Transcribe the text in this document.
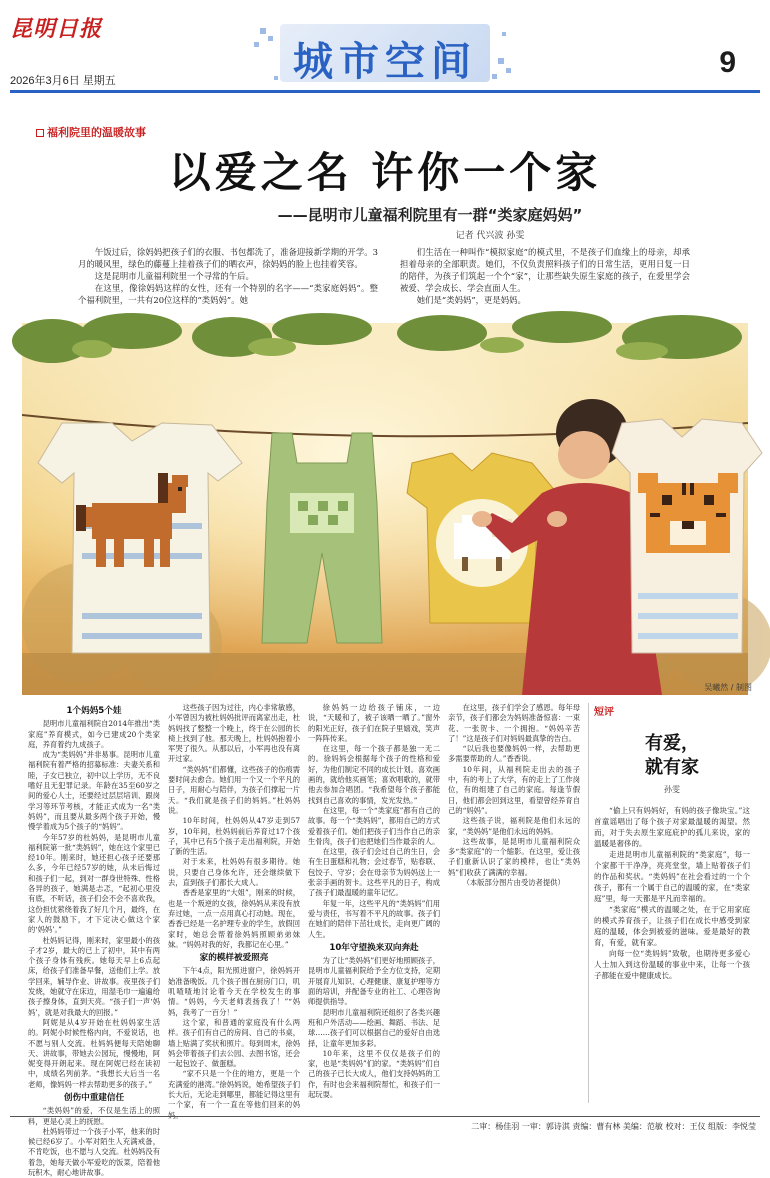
昆明日报
2026年3月6日 星期五	城市空间	9
福利院里的温暖故事
以爱之名 许你一个家
——昆明市儿童福利院里有一群“类家庭妈妈”
记者 代兴波 孙雯

午饭过后，徐妈妈把孩子们的衣服、书包都洗了，准备迎接新学期的开学。3月的暖风里，绿色的藤蔓上挂着孩子们的晒衣声，徐妈妈的脸上也挂着笑容。

这是昆明市儿童福利院里一个寻常的午后。

在这里，像徐妈妈这样的女性，还有一个特别的名字——“类家庭妈妈”。整个福利院里，一共有20位这样的“类妈妈”。她

们生活在一种叫作“模拟家庭”的模式里，不是孩子们血缘上的母亲，却承担着母亲的全部职责。她们，不仅负责照料孩子们的日常生活，更用日复一日的陪伴，为孩子们筑起一个个“家”，让那些缺失原生家庭的孩子，在爱里学会被爱、学会成长、学会直面人生。

她们是“类妈妈”，更是妈妈。

吴曦然 / 制图
1个妈妈5个娃

昆明市儿童福利院自2014年推出“类家庭”养育模式，如今已建成20个类家庭，养育着约九成孩子。

成为“类妈妈”并非易事。昆明市儿童福利院有着严格的招募标准：夫妻关系和睦，子女已独立，初中以上学历，无不良嗜好且无犯罪记录。年龄在35至60岁之间的爱心人士，还要经过层层培训、跟岗学习等环节考核，才能正式成为一名“类妈妈”，而且要从最多两个孩子开始，慢慢学着成为5个孩子的“妈妈”。

今年57岁的杜妈妈，是昆明市儿童福利院第一批“类妈妈”，她在这个家里已经10年。刚来时，她还担心孩子还要那么多，今年已经57岁的她，从未后悔过和孩子们一起，到对一群身世特殊、性格各异的孩子，她满是忐忑，“起初心里没有底，不听话，孩子们会不会不喜欢我，这份担忧萦绕着我了好几个月，最终，在家人的鼓励下，才下定决心做这个家的‘妈妈’。”

杜妈妈记得，刚来时，家里最小的孩子才2岁，最大的已上了初中，其中有两个孩子身体有残疾。她每天早上6点起床，给孩子们准备早餐，送他们上学。放学回来，辅导作业、讲故事。夜里孩子们发烧，她就守在床边，用湿毛巾一遍遍给孩子擦身体，直到天亮。“孩子们一声‘妈妈’，就是对我最大的回报。”

阿妮是从4岁开始在杜妈妈家生活的。阿妮小时候性格内向，不爱说话，也不愿与别人交流。杜妈妈便每天陪她聊天、讲故事，带她去公园玩，慢慢地，阿妮变得开朗起来。现在阿妮已经在读初中，成绩名列前茅。“我想长大后当一名老师，像妈妈一样去帮助更多的孩子。”

创伤中重建信任

“类妈妈”的爱，不仅是生活上的照料，更是心灵上的抚慰。

杜妈妈带过一个孩子小军，他来的时候已经6岁了。小军对陌生人充满戒备，不肯吃饭，也不愿与人交流。杜妈妈没有着急，她每天做小军爱吃的饭菜，陪着他玩积木，耐心地讲故事。

这些孩子因为过往，内心非常敏感，小军曾因为被杜妈妈批评而离家出走，杜妈妈找了整整一个晚上，终于在公园的长椅上找到了他。那天晚上，杜妈妈抱着小军哭了很久。从那以后，小军再也没有离开过家。

“类妈妈”们都懂，这些孩子的伤痕需要时间去愈合。她们用一个又一个平凡的日子，用耐心与陪伴，为孩子们撑起一片天。“我们就是孩子们的妈妈。”杜妈妈说。

10年时间，杜妈妈从47岁走到57岁，10年间，杜妈妈前后养育过17个孩子，其中已有5个孩子走出福利院，开始了新的生活。

对于未来，杜妈妈有很多期待。她说，只要自己身体允许，还会继续做下去，直到孩子们都长大成人。

香香是家里的“大姐”，刚来的时候，也是一个叛逆的女孩，徐妈妈从来没有放弃过她，一点一点用真心打动她。现在，香香已经是一名护理专业的学生，放假回家时，她总会帮着徐妈妈照顾弟弟妹妹。“妈妈对我的好，我都记在心里。”

家的模样被爱照亮

下午4点，阳光照进窗户，徐妈妈开始准备晚饭。几个孩子围在厨房门口，叽叽喳喳地讨论着今天在学校发生的事情。“妈妈，今天老师表扬我了！”“妈妈，我考了一百分！”

这个家，和普通的家庭没有什么两样。孩子们有自己的房间、自己的书桌，墙上贴满了奖状和照片。每到周末，徐妈妈会带着孩子们去公园、去图书馆，还会一起包饺子、做蛋糕。

“家不只是一个住的地方，更是一个充满爱的港湾。”徐妈妈说，她希望孩子们长大后，无论走到哪里，都能记得这里有一个家，有一个一直在等他们回来的妈

徐妈妈一边给孩子铺床，一边说，“天暖和了，被子该晒一晒了。”窗外的阳光正好，孩子们在院子里嬉戏，笑声一阵阵传来。

在这里，每一个孩子都是独一无二的。徐妈妈会根据每个孩子的性格和爱好，为他们制定不同的成长计划。喜欢画画的，就给他买画笔；喜欢唱歌的，就带他去参加合唱团。“我希望每个孩子都能找到自己喜欢的事情，发光发热。”

在这里，每一个“类家庭”都有自己的故事。每一个“类妈妈”，都用自己的方式爱着孩子们。她们把孩子们当作自己的亲生骨肉，孩子们也把她们当作最亲的人。

在这里，孩子们会过自己的生日，会有生日蛋糕和礼物；会过春节，贴春联、包饺子、守岁；会在母亲节为妈妈送上一张亲手画的贺卡。这些平凡的日子，构成了孩子们最温暖的童年记忆。

年复一年，这些平凡的“类妈妈”们用爱与责任，书写着不平凡的故事。孩子们在她们的陪伴下茁壮成长，走向更广阔的人生。

10年守望换来双向奔赴

为了让“类妈妈”们更好地照顾孩子，昆明市儿童福利院给予全方位支持，定期开展育儿知识、心理健康、康复护理等方面的培训，并配备专业的社工、心理咨询师提供指导。

昆明市儿童福利院还组织了各类兴趣班和户外活动——绘画、舞蹈、书法、足球……孩子们可以根据自己的爱好自由选择，让童年更加多彩。

10年来，这里不仅仅是孩子们的家，也是“类妈妈”们的家。“类妈妈”们自己的孩子已长大成人，他们支持妈妈的工作，有时也会来福利院帮忙，和孩子们一起玩耍。

在这里，孩子们学会了感恩。每年母亲节，孩子们都会为妈妈准备惊喜：一束花、一张贺卡、一个拥抱。“妈妈辛苦了！”这是孩子们对妈妈最真挚的告白。

“以后我也要像妈妈一样，去帮助更多需要帮助的人。”香香说。

10年间，从福利院走出去的孩子中，有的考上了大学，有的走上了工作岗位，有的组建了自己的家庭。每逢节假日，他们都会回到这里，看望曾经养育自己的“妈妈”。

这些孩子说，福利院是他们永远的家，“类妈妈”是他们永远的妈妈。

这些故事，是昆明市儿童福利院众多“类家庭”的一个缩影。在这里，爱让孩子们重新认识了家的模样，也让“类妈妈”们收获了满满的幸福。

（本版部分图片由受访者提供）

短评
有爱，
就有家
孙雯

“偷上只有妈妈好，有妈的孩子像块宝。”这首童谣唱出了每个孩子对家最温暖的渴望。然而，对于失去原生家庭庇护的孤儿来说，家的温暖是奢侈的。

走进昆明市儿童福利院的“类家庭”，每一个家都干干净净，亮亮堂堂，墙上贴着孩子们的作品和奖状。“类妈妈”在社会看过的一个个孩子，都有一个属于自己的温暖的家，在“类家庭”里，每一天都是平凡而幸福的。

“类家庭”模式的温暖之处，在于它用家庭的模式养育孩子，让孩子们在成长中感受到家庭的温暖，体会到被爱的滋味。爱是最好的教育，有爱，就有家。

向每一位“类妈妈”致敬，也期待更多爱心人士加入到这份温暖的事业中来，让每一个孩子都能在爱中健康成长。

二审：杨佳羽 一审：郭诗淇 责编：曹有林 美编：范敏 校对：王仪 组版：李悦莹
